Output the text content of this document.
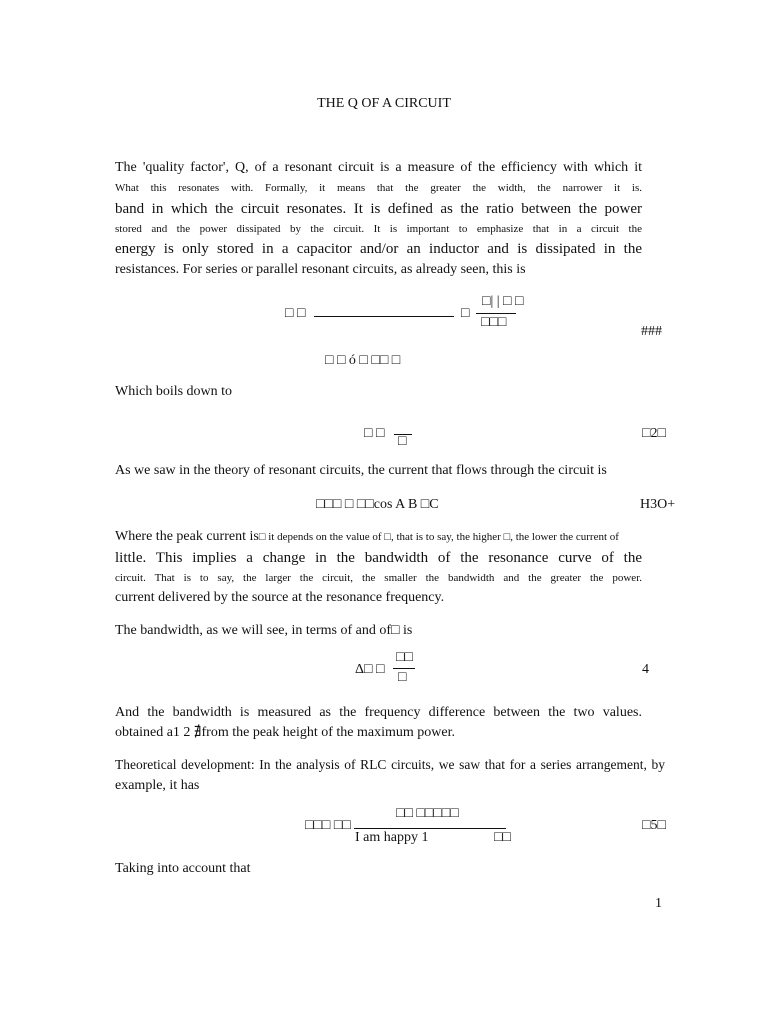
THE Q OF A CIRCUIT
The 'quality factor', Q, of a resonant circuit is a measure of the efficiency with which it
What this resonates with. Formally, it means that the greater the width, the narrower it is.
band in which the circuit resonates. It is defined as the ratio between the power
stored and the power dissipated by the circuit. It is important to emphasize that in a circuit the
energy is only stored in a capacitor and/or an inductor and is dissipated in the
resistances. For series or parallel resonant circuits, as already seen, this is
□ □	□
□| | □ □
□□□
###
□ □ ó □ □□ □
Which boils down to
□ □
□
□2□
As we saw in the theory of resonant circuits, the current that flows through the circuit is
□□□ □ □□cos A B □C	H3O+
Where the peak current is□ it depends on the value of □, that is to say, the higher □, the lower the current of
little. This implies a change in the bandwidth of the resonance curve of the
circuit. That is to say, the larger the circuit, the smaller the bandwidth and the greater the power.
current delivered by the source at the resonance frequency.
The bandwidth, as we will see, in terms of and of□ is
Δ□ □
□□
□
4
And the bandwidth is measured as the frequency difference between the two values.
obtained a1 2 ∄from the peak height of the maximum power.
Theoretical development: In the analysis of RLC circuits, we saw that for a series arrangement, by
example, it has
□□□ □□
□□ □□□□□
I am happy 1	□□
□5□
Taking into account that
1
